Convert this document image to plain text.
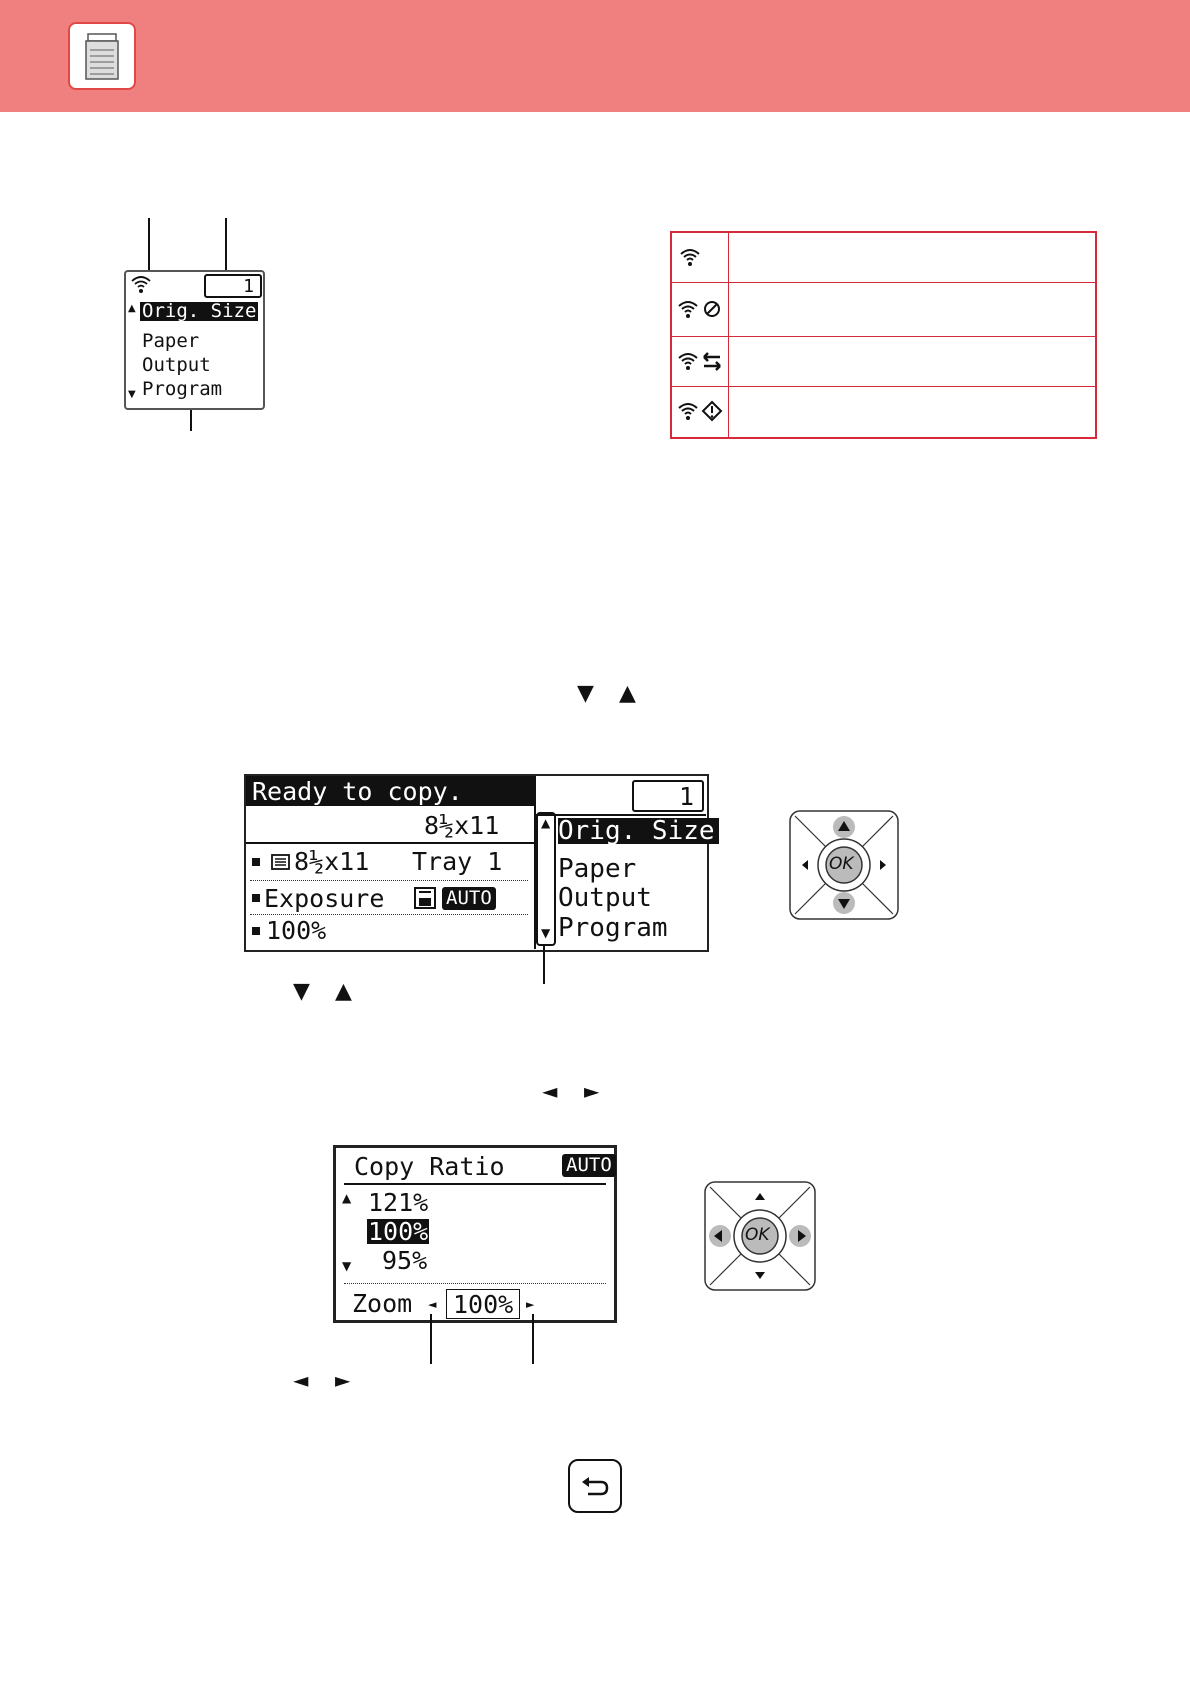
1
▲ Orig. Size
Paper
Output
Program
▼
▼ ▲
Ready to copy.
8½x11
8½x11 Tray 1
Exposure	AUTO
100%
▲
▼
1
Orig. Size
Paper
Output
Program
OK
▼ ▲
◄ ►
Copy Ratio	AUTO
▲ 121%
100%
95%
▼
Zoom ◄ 100% ►
OK
◄ ►
